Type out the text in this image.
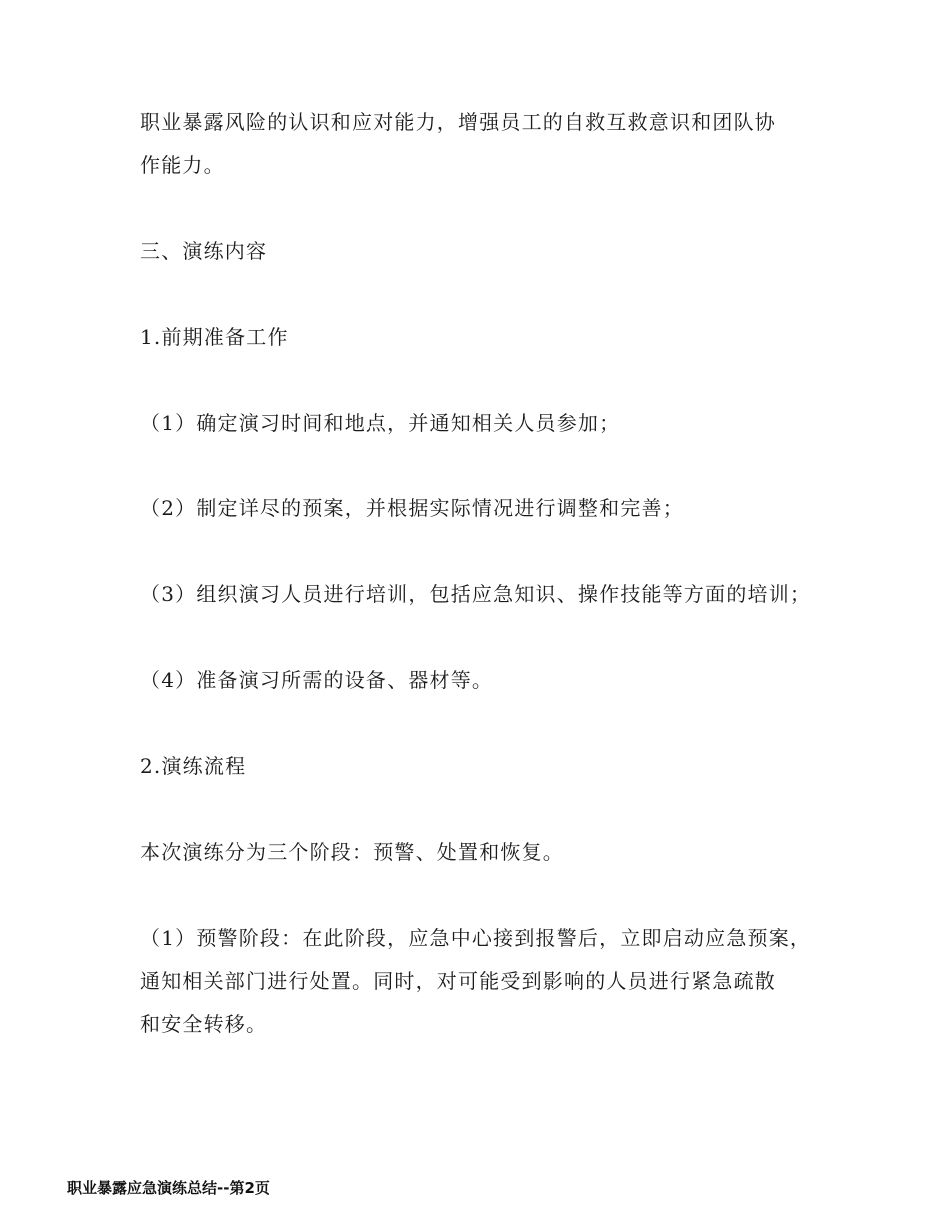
职业暴露风险的认识和应对能力，增强员工的自救互救意识和团队协

作能力。

三、演练内容

1.前期准备工作

（1）确定演习时间和地点，并通知相关人员参加；

（2）制定详尽的预案，并根据实际情况进行调整和完善；

（3）组织演习人员进行培训，包括应急知识、操作技能等方面的培训；

（4）准备演习所需的设备、器材等。

2.演练流程

本次演练分为三个阶段：预警、处置和恢复。

（1）预警阶段：在此阶段，应急中心接到报警后，立即启动应急预案，

通知相关部门进行处置。同时，对可能受到影响的人员进行紧急疏散

和安全转移。

职业暴露应急演练总结--第2页
